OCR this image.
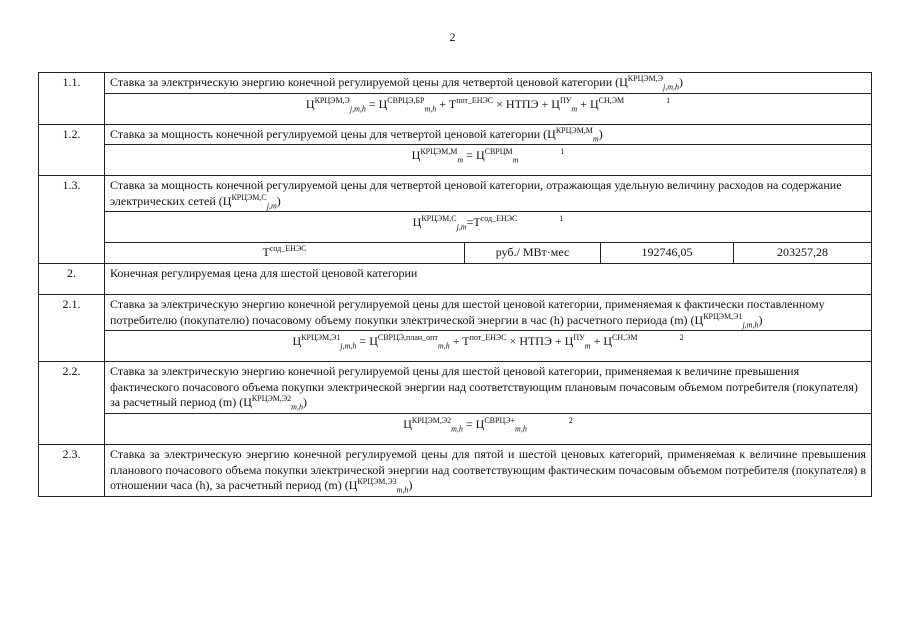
2
1.1.	Ставка за электрическую энергию конечной регулируемой цены для четвертой ценовой категории $(Ц^{КРЦЭМ,Э}_{j,m,h})$			
	$Ц^{КРЦЭМ,Э}_{j,m,h} = Ц^{СВРЦЭ,БР}_{m,h} + T^{пот\_ЕНЭС}$ × НТПЭ + $Ц^{ПУ}_m + Ц^{СН,ЭМ}$ 1			
1.2.	Ставка за мощность конечной регулируемой цены для четвертой ценовой категории $(Ц^{КРЦЭМ,М}_m)$			
	$Ц^{КРЦЭМ,М}_m = Ц^{СВРЦМ}_m1$			
1.3.	Ставка за мощность конечной регулируемой цены для четвертой ценовой категории, отражающая удельную величину расходов на содержание электрических сетей $(Ц^{КРЦЭМ,С}_{j,m})$			
	$Ц^{КРЦЭМ,С}_{j,m}=T^{сод\_ЕНЭС}$ 1			
	$T^{сод\_ЕНЭС}$	руб./ МВт·мес	192746,05	203257,28
2.	Конечная регулируемая цена для шестой ценовой категории			
2.1.	Ставка за электрическую энергию конечной регулируемой цены для шестой ценовой категории, применяемая к фактически поставленному потребителю (покупателю) почасовому объему покупки электрической энергии в час (h) расчетного периода (m) $(Ц^{КРЦЭМ,Э1}_{j,m,h})$			
	$Ц^{КРЦЭМ,Э1}_{j,m,h} = Ц^{СВРЦЭ,план\_опт}_{m,h} + T^{пот\_ЕНЭС}$ × НТПЭ + $Ц^{ПУ}_m + Ц^{СН,ЭМ}$ 2			
2.2.	Ставка за электрическую энергию конечной регулируемой цены для шестой ценовой категории, применяемая к величине превышения фактического почасового объема покупки электрической энергии над соответствующим плановым почасовым объемом потребителя (покупателя) за расчетный период (m) $(Ц^{КРЦЭМ,Э2}_{m,h})$			
	$Ц^{КРЦЭМ,Э2}_{m,h} = Ц^{СВРЦЭ+}_{m,h}2$			
2.3.	Ставка за электрическую энергию конечной регулируемой цены для пятой и шестой ценовых категорий, применяемая к величине превышения планового почасового объема покупки электрической энергии над соответствующим фактическим почасовым объемом потребителя (покупателя) в отношении часа (h), за расчетный период (m) $(Ц^{КРЦЭМ,Э3}_{m,h})$			
